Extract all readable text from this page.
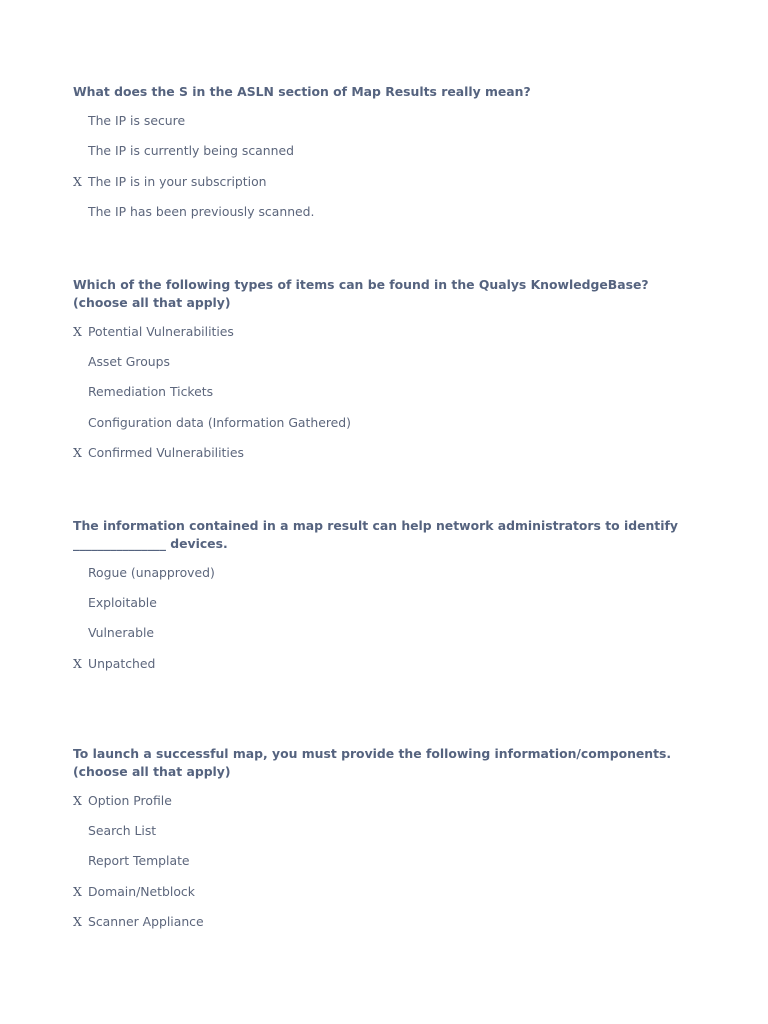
What does the S in the ASLN section of Map Results really mean?

The IP is secure
The IP is currently being scanned
X The IP is in your subscription
The IP has been previously scanned.

Which of the following types of items can be found in the Qualys KnowledgeBase? (choose all that apply)

X Potential Vulnerabilities
Asset Groups
Remediation Tickets
Configuration data (Information Gathered)
X Confirmed Vulnerabilities

The information contained in a map result can help network administrators to identify _______________ devices.

Rogue (unapproved)
Exploitable
Vulnerable
X Unpatched

To launch a successful map, you must provide the following information/components. (choose all that apply)

X Option Profile
Search List
Report Template
X Domain/Netblock
X Scanner Appliance
